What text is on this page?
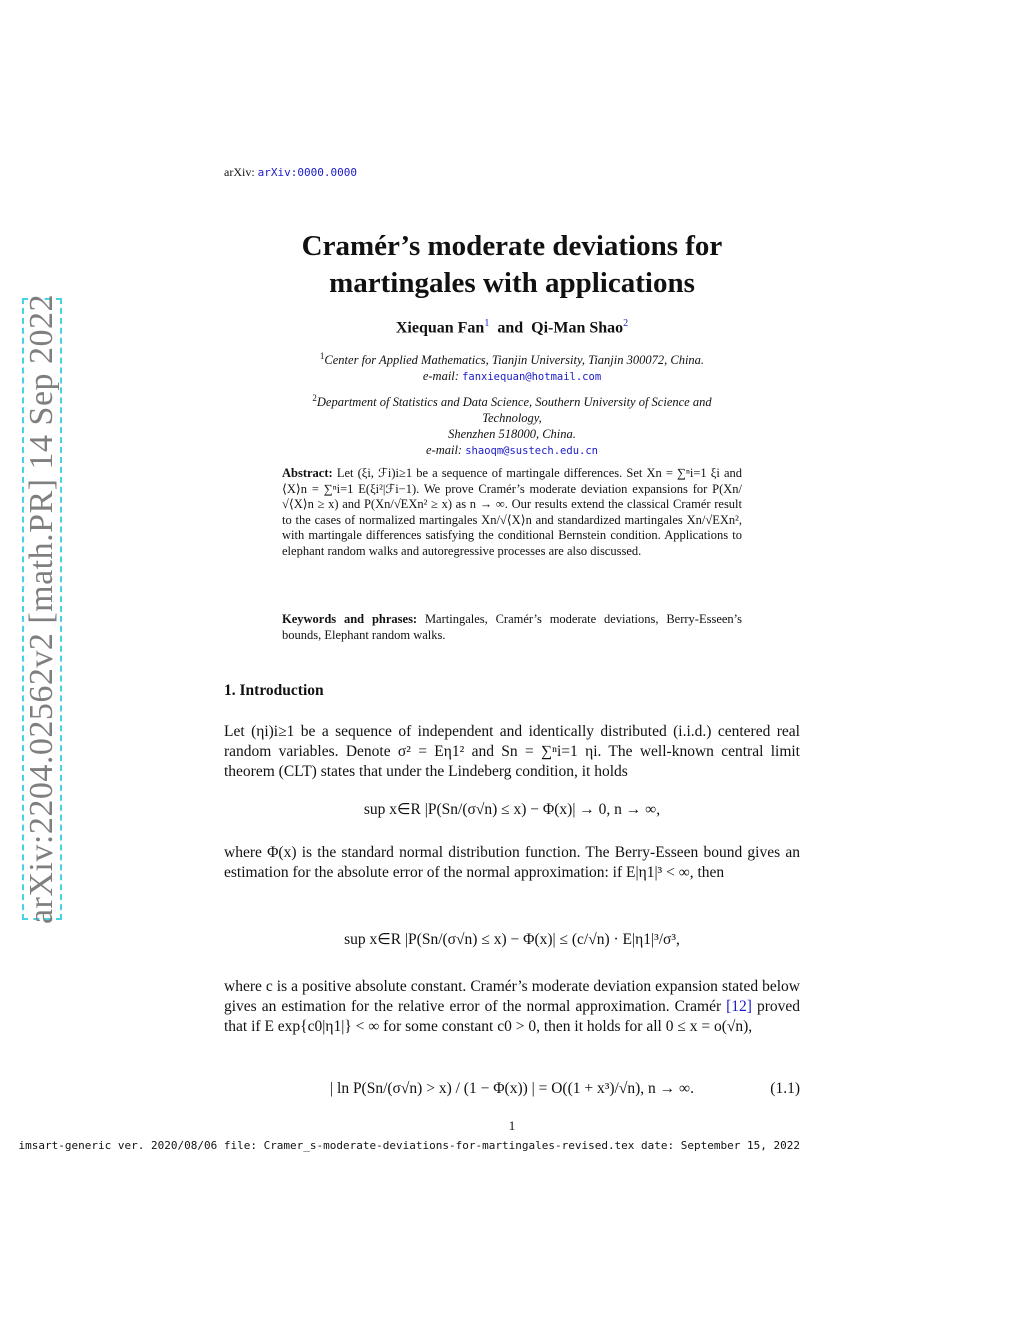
arXiv:2204.02562v2 [math.PR] 14 Sep 2022
arXiv: arXiv:0000.0000
Cramér’s moderate deviations for
martingales with applications
Xiequan Fan$^1$ and Qi-Man Shao$^2$
$^1$Center for Applied Mathematics, Tianjin University, Tianjin 300072, China.
e-mail: fanxiequan@hotmail.com
$^2$Department of Statistics and Data Science, Southern University of Science and
Technology,
Shenzhen 518000, China.
e-mail: shaoqm@sustech.edu.cn
Abstract: Let (ξi, ℱi)i≥1 be a sequence of martingale differences. Set Xn = ∑ⁿi=1 ξi and ⟨X⟩n = ∑ⁿi=1 E(ξi²|ℱi−1). We prove Cramér’s moderate deviation expansions for P(Xn/√⟨X⟩n ≥ x) and P(Xn/√EXn² ≥ x) as n → ∞. Our results extend the classical Cramér result to the cases of normalized martingales Xn/√⟨X⟩n and standardized martingales Xn/√EXn², with martingale differences satisfying the conditional Bernstein condition. Applications to elephant random walks and autoregressive processes are also discussed.
Keywords and phrases: Martingales, Cramér’s moderate deviations, Berry-Esseen’s bounds, Elephant random walks.
1. Introduction
Let (ηi)i≥1 be a sequence of independent and identically distributed (i.i.d.) centered real random variables. Denote σ² = Eη1² and Sn = ∑ⁿi=1 ηi. The well-known central limit theorem (CLT) states that under the Lindeberg condition, it holds
sup x∈R |P(Sn/(σ√n) ≤ x) − Φ(x)| → 0, n → ∞,
where Φ(x) is the standard normal distribution function. The Berry-Esseen bound gives an estimation for the absolute error of the normal approximation: if E|η1|³ < ∞, then
sup x∈R |P(Sn/(σ√n) ≤ x) − Φ(x)| ≤ (c/√n) · E|η1|³/σ³,
where c is a positive absolute constant. Cramér’s moderate deviation expansion stated below gives an estimation for the relative error of the normal approximation. Cramér [12] proved that if E exp{c0|η1|} < ∞ for some constant c0 > 0, then it holds for all 0 ≤ x = o(√n),
| ln P(Sn/(σ√n) > x) / (1 − Φ(x)) | = O((1 + x³)/√n), n → ∞.	(1.1)
1
imsart-generic ver. 2020/08/06 file: Cramer_s-moderate-deviations-for-martingales-revised.tex date: September 15, 2022
